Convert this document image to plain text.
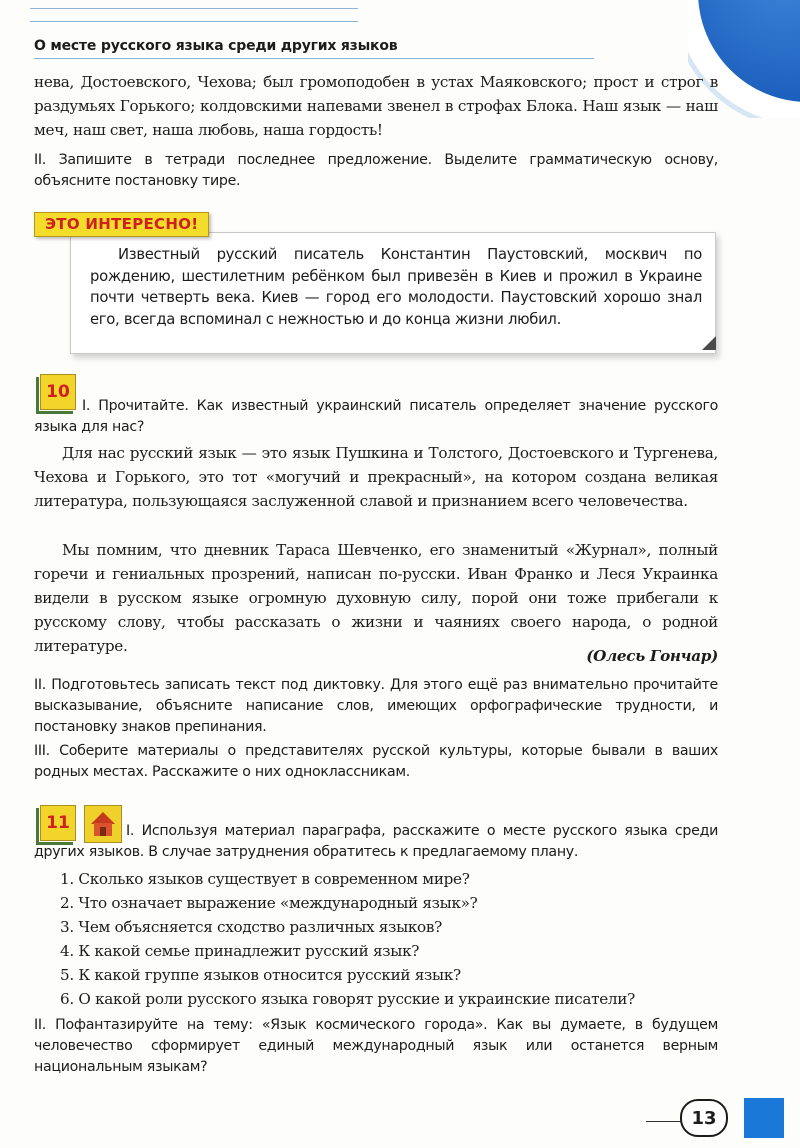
О месте русского языка среди других языков

нева, Достоевского, Чехова; был громоподобен в устах Маяковского; прост и строг в раздумьях Горького; колдовскими напевами звенел в строфах Блока. Наш язык — наш меч, наш свет, наша любовь, наша гордость!

II. Запишите в тетради последнее предложение. Выделите грамматическую основу, объясните постановку тире.

ЭТО ИНТЕРЕСНО!

Известный русский писатель Константин Паустовский, москвич по рождению, шестилетним ребёнком был привезён в Киев и прожил в Украине почти четверть века. Киев — город его молодости. Паустовский хорошо знал его, всегда вспоминал с нежностью и до конца жизни любил.

10

I. Прочитайте. Как известный украинский писатель определяет значение русского языка для нас?

Для нас русский язык — это язык Пушкина и Толстого, Достоевского и Тургенева, Чехова и Горького, это тот «могучий и прекрасный», на котором создана великая литература, пользующаяся заслуженной славой и признанием всего человечества.

Мы помним, что дневник Тараса Шевченко, его знаменитый «Журнал», полный горечи и гениальных прозрений, написан по-русски. Иван Франко и Леся Украинка видели в русском языке огромную духовную силу, порой они тоже прибегали к русскому слову, чтобы рассказать о жизни и чаяниях своего народа, о родной литературе.

(Олесь Гончар)

II. Подготовьтесь записать текст под диктовку. Для этого ещё раз внимательно прочитайте высказывание, объясните написание слов, имеющих орфографические трудности, и постановку знаков препинания.

III. Соберите материалы о представителях русской культуры, которые бывали в ваших родных местах. Расскажите о них одноклассникам.

11	I. Используя материал параграфа, расскажите о месте русского языка среди других языков. В случае затруднения обратитесь к предлагаемому плану.

1. Сколько языков существует в современном мире?
2. Что означает выражение «международный язык»?
3. Чем объясняется сходство различных языков?
4. К какой семье принадлежит русский язык?
5. К какой группе языков относится русский язык?
6. О какой роли русского языка говорят русские и украинские писатели?

II. Пофантазируйте на тему: «Язык космического города». Как вы думаете, в будущем человечество сформирует единый международный язык или останется верным национальным языкам?

13
